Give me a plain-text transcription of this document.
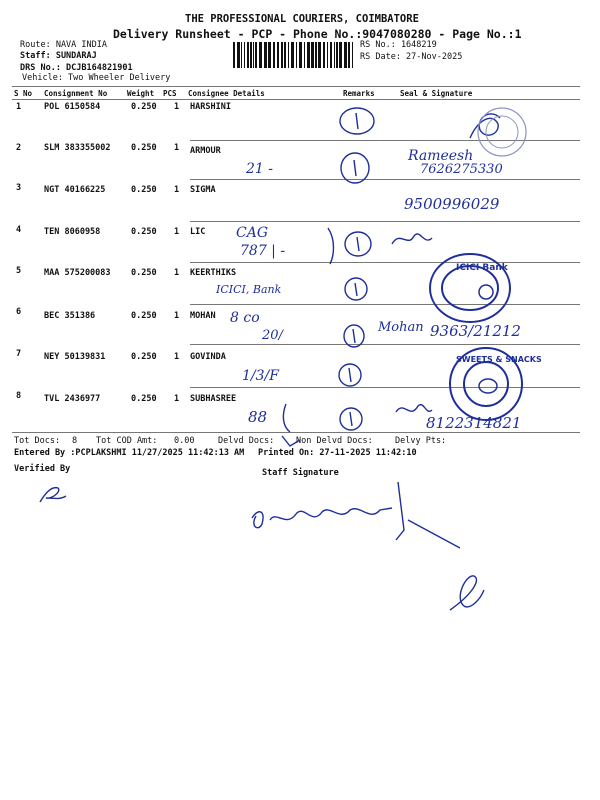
THE PROFESSIONAL COURIERS, COIMBATORE
Delivery Runsheet - PCP - Phone No.:9047080280 - Page No.:1
Route: NAVA INDIA
Staff: SUNDARAJ
DRS No.: DCJB164821901
Vehicle: Two Wheeler Delivery
RS No.: 1648219
RS Date: 27-Nov-2025
S No Consignment No	Weight PCS Consignee Details	Remarks	Seal & Signature
1	POL 6150584	0.250 1 HARSHINI
2	SLM 383355002 0.250 1 ARMOUR
3	NGT 40166225	0.250 1 SIGMA
4	TEN 8060958	0.250 1 LIC
5	MAA 575200083 0.250 1 KEERTHIKS
6	BEC 351386	0.250 1 MOHAN
7	NEY 50139831	0.250 1 GOVINDA
8	TVL 2436977	0.250 1 SUBHASREE
Tot Docs: 8 Tot COD Amt: 0.00	Delvd Docs:	Non Delvd Docs:	Delvy Pts:
Entered By :PCPLAKSHMI 11/27/2025 11:42:13 AM Printed On: 27-11-2025 11:42:10
Verified By	Staff Signature
21 -
Rameesh
7626275330
9500996029
CAG
787 | -
ICICI, Bank
8 co
20/
Mohan 9363/21212
1/3/F
88	8122314821
ICICI Bank
SWEETS & SNACKS
